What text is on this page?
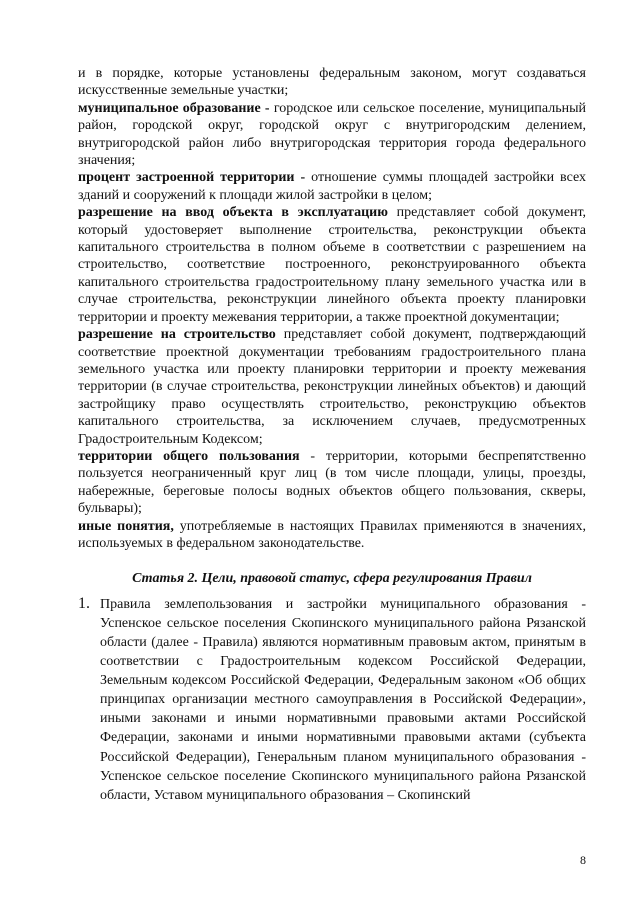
и в порядке, которые установлены федеральным законом, могут создаваться искусственные земельные участки;

муниципальное образование - городское или сельское поселение, муниципальный район, городской округ, городской округ с внутригородским делением, внутригородской район либо внутригородская территория города федерального значения;

процент застроенной территории - отношение суммы площадей застройки всех зданий и сооружений к площади жилой застройки в целом;

разрешение на ввод объекта в эксплуатацию представляет собой документ, который удостоверяет выполнение строительства, реконструкции объекта капитального строительства в полном объеме в соответствии с разрешением на строительство, соответствие построенного, реконструированного объекта капитального строительства градостроительному плану земельного участка или в случае строительства, реконструкции линейного объекта проекту планировки территории и проекту межевания территории, а также проектной документации;

разрешение на строительство представляет собой документ, подтверждающий соответствие проектной документации требованиям градостроительного плана земельного участка или проекту планировки территории и проекту межевания территории (в случае строительства, реконструкции линейных объектов) и дающий застройщику право осуществлять строительство, реконструкцию объектов капитального строительства, за исключением случаев, предусмотренных Градостроительным Кодексом;

территории общего пользования - территории, которыми беспрепятственно пользуется неограниченный круг лиц (в том числе площади, улицы, проезды, набережные, береговые полосы водных объектов общего пользования, скверы, бульвары);

иные понятия, употребляемые в настоящих Правилах применяются в значениях, используемых в федеральном законодательстве.

Статья 2. Цели, правовой статус, сфера регулирования Правил
1. Правила землепользования и застройки муниципального образования - Успенское сельское поселения Скопинского муниципального района Рязанской области (далее - Правила) являются нормативным правовым актом, принятым в соответствии с Градостроительным кодексом Российской Федерации, Земельным кодексом Российской Федерации, Федеральным законом «Об общих принципах организации местного самоуправления в Российской Федерации», иными законами и иными нормативными правовыми актами Российской Федерации, законами и иными нормативными правовыми актами (субъекта Российской Федерации), Генеральным планом муниципального образования - Успенское сельское поселение Скопинского муниципального района Рязанской области, Уставом муниципального образования – Скопинский

8
